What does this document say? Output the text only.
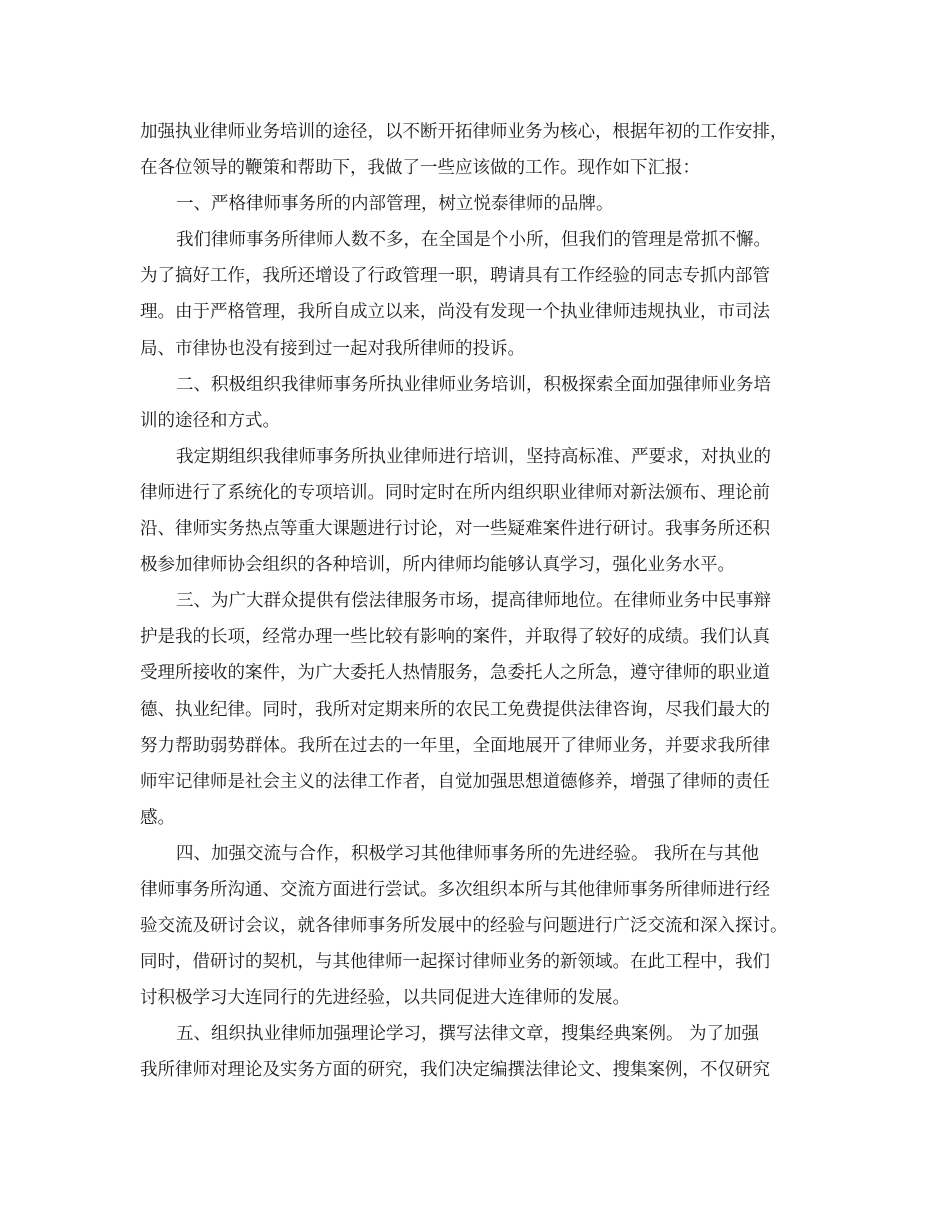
加强执业律师业务培训的途径，以不断开拓律师业务为核心，根据年初的工作安排，
在各位领导的鞭策和帮助下，我做了一些应该做的工作。现作如下汇报：
一、严格律师事务所的内部管理，树立悦泰律师的品牌。
我们律师事务所律师人数不多，在全国是个小所，但我们的管理是常抓不懈。
为了搞好工作，我所还增设了行政管理一职，聘请具有工作经验的同志专抓内部管
理。由于严格管理，我所自成立以来，尚没有发现一个执业律师违规执业，市司法
局、市律协也没有接到过一起对我所律师的投诉。
二、积极组织我律师事务所执业律师业务培训，积极探索全面加强律师业务培
训的途径和方式。
我定期组织我律师事务所执业律师进行培训，坚持高标准、严要求，对执业的
律师进行了系统化的专项培训。同时定时在所内组织职业律师对新法颁布、理论前
沿、律师实务热点等重大课题进行讨论，对一些疑难案件进行研讨。我事务所还积
极参加律师协会组织的各种培训，所内律师均能够认真学习，强化业务水平。
三、为广大群众提供有偿法律服务市场，提高律师地位。在律师业务中民事辩
护是我的长项，经常办理一些比较有影响的案件，并取得了较好的成绩。我们认真
受理所接收的案件，为广大委托人热情服务，急委托人之所急，遵守律师的职业道
德、执业纪律。同时，我所对定期来所的农民工免费提供法律咨询，尽我们最大的
努力帮助弱势群体。我所在过去的一年里，全面地展开了律师业务，并要求我所律
师牢记律师是社会主义的法律工作者，自觉加强思想道德修养，增强了律师的责任
感。
四、加强交流与合作，积极学习其他律师事务所的先进经验。 我所在与其他
律师事务所沟通、交流方面进行尝试。多次组织本所与其他律师事务所律师进行经
验交流及研讨会议，就各律师事务所发展中的经验与问题进行广泛交流和深入探讨。
同时，借研讨的契机，与其他律师一起探讨律师业务的新领域。在此工程中，我们
讨积极学习大连同行的先进经验，以共同促进大连律师的发展。
五、组织执业律师加强理论学习，撰写法律文章，搜集经典案例。 为了加强
我所律师对理论及实务方面的研究，我们决定编撰法律论文、搜集案例，不仅研究
